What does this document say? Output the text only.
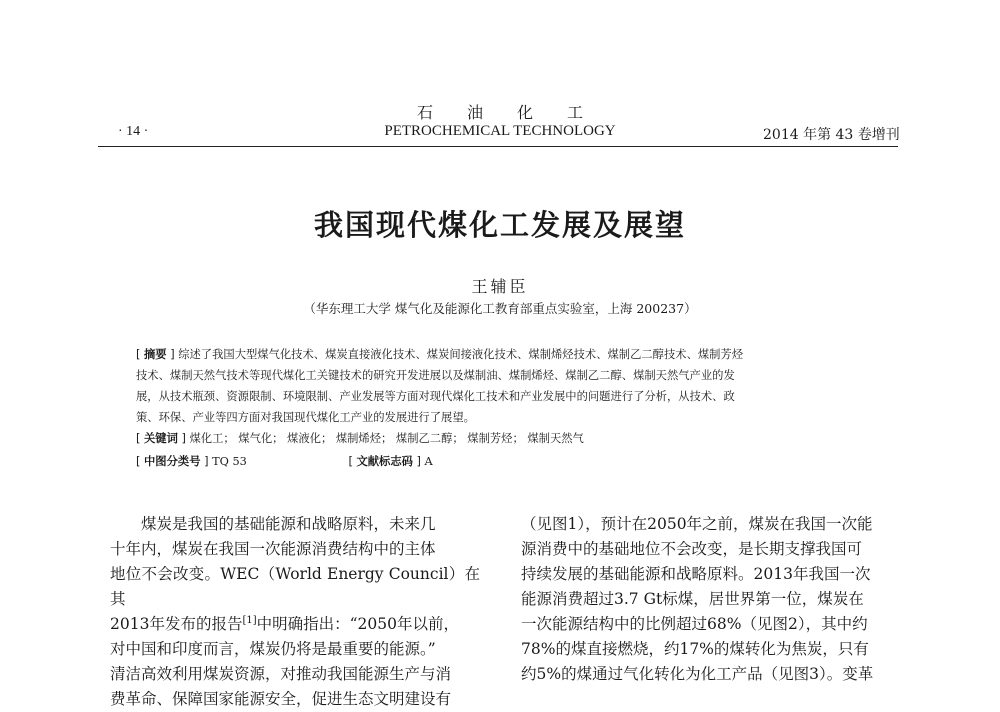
石油化工
PETROCHEMICAL TECHNOLOGY
· 14 ·	2014 年第 43 卷增刊
我国现代煤化工发展及展望
王辅臣
（华东理工大学 煤气化及能源化工教育部重点实验室，上海 200237）
[ 摘要 ] 综述了我国大型煤气化技术、煤炭直接液化技术、煤炭间接液化技术、煤制烯烃技术、煤制乙二醇技术、煤制芳烃
技术、煤制天然气技术等现代煤化工关键技术的研究开发进展以及煤制油、煤制烯烃、煤制乙二醇、煤制天然气产业的发
展，从技术瓶颈、资源限制、环境限制、产业发展等方面对现代煤化工技术和产业发展中的问题进行了分析，从技术、政
策、环保、产业等四方面对我国现代煤化工产业的发展进行了展望。
[ 关键词 ] 煤化工； 煤气化； 煤液化； 煤制烯烃； 煤制乙二醇； 煤制芳烃； 煤制天然气
[ 中图分类号 ] TQ 53	[ 文献标志码 ] A

煤炭是我国的基础能源和战略原料，未来几

十年内，煤炭在我国一次能源消费结构中的主体

地位不会改变。WEC（World Energy Council）在其

2013年发布的报告[1]中明确指出：“2050年以前，

对中国和印度而言，煤炭仍将是最重要的能源。”

清洁高效利用煤炭资源，对推动我国能源生产与消

费革命、保障国家能源安全，促进生态文明建设有

（见图1），预计在2050年之前，煤炭在我国一次能

源消费中的基础地位不会改变，是长期支撑我国可

持续发展的基础能源和战略原料。2013年我国一次

能源消费超过3.7 Gt标煤，居世界第一位，煤炭在

一次能源结构中的比例超过68%（见图2），其中约

78%的煤直接燃烧，约17%的煤转化为焦炭，只有

约5%的煤通过气化转化为化工产品（见图3）。变革
